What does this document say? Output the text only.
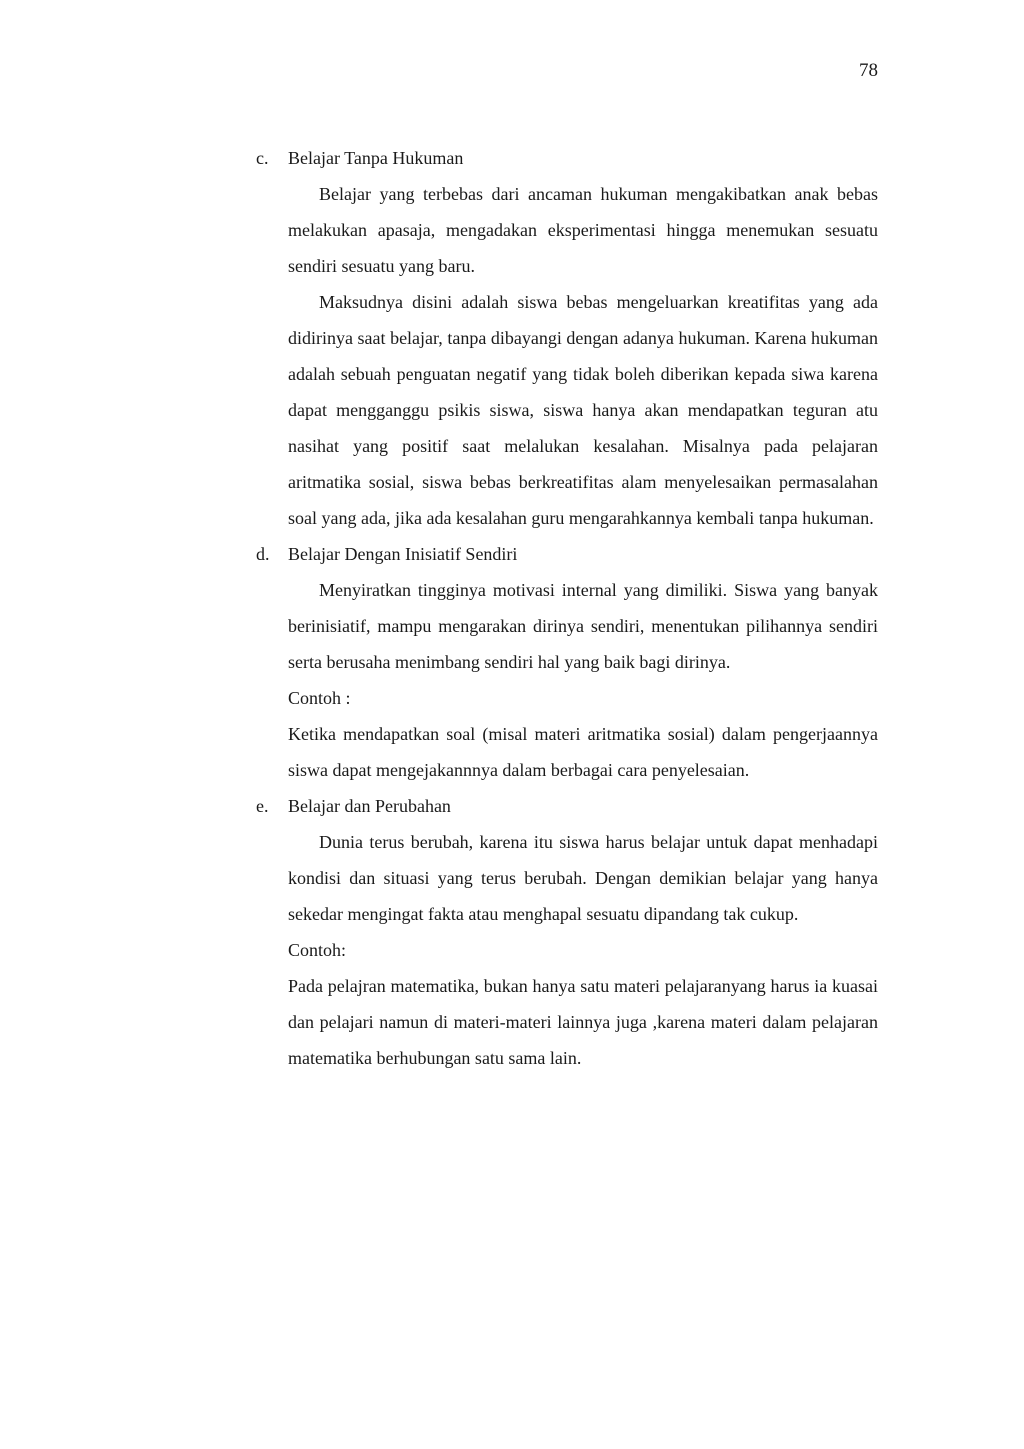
78
c.	Belajar Tanpa Hukuman

Belajar yang terbebas dari ancaman hukuman mengakibatkan anak bebas melakukan apasaja, mengadakan eksperimentasi hingga menemukan sesuatu sendiri sesuatu yang baru.

Maksudnya disini adalah siswa bebas mengeluarkan kreatifitas yang ada didirinya saat belajar, tanpa dibayangi dengan adanya hukuman. Karena hukuman adalah sebuah penguatan negatif yang tidak boleh diberikan kepada siwa karena dapat mengganggu psikis siswa, siswa hanya akan mendapatkan teguran atu nasihat yang positif saat melalukan kesalahan. Misalnya pada pelajaran aritmatika sosial, siswa bebas berkreatifitas alam menyelesaikan permasalahan soal yang ada, jika ada kesalahan guru mengarahkannya kembali tanpa hukuman.

d.	Belajar Dengan Inisiatif Sendiri

Menyiratkan tingginya motivasi internal yang dimiliki. Siswa yang banyak berinisiatif, mampu mengarakan dirinya sendiri, menentukan pilihannya sendiri serta berusaha menimbang sendiri hal yang baik bagi dirinya.

Contoh :

Ketika mendapatkan soal (misal materi aritmatika sosial) dalam pengerjaannya siswa dapat mengejakannnya dalam berbagai cara penyelesaian.

e.	Belajar dan Perubahan

Dunia terus berubah, karena itu siswa harus belajar untuk dapat menhadapi kondisi dan situasi yang terus berubah. Dengan demikian belajar yang hanya sekedar mengingat fakta atau menghapal sesuatu dipandang tak cukup.

Contoh:

Pada pelajran matematika, bukan hanya satu materi pelajaranyang harus ia kuasai dan pelajari namun di materi-materi lainnya juga ,karena materi dalam pelajaran matematika berhubungan satu sama lain.
